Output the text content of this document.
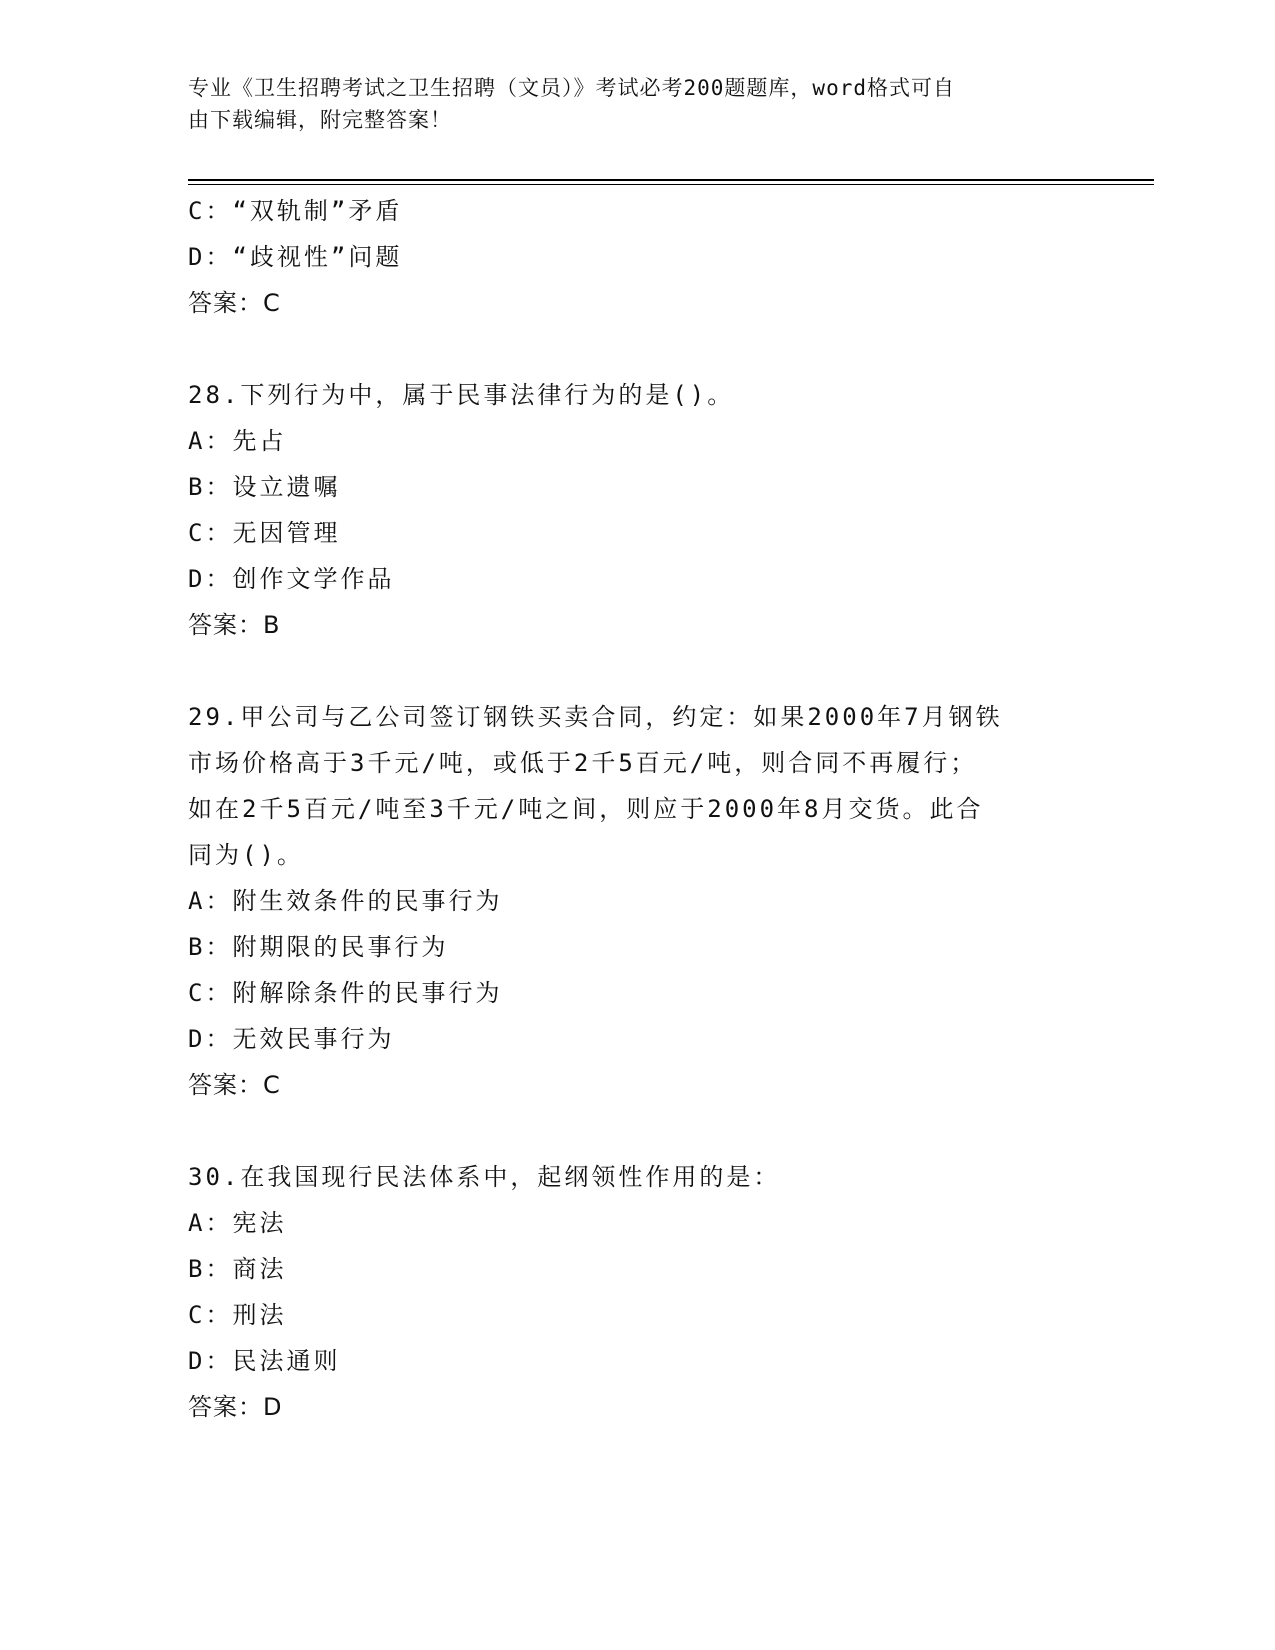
专业《卫生招聘考试之卫生招聘（文员）》考试必考200题题库，word格式可自
由下载编辑，附完整答案！
C：“双轨制”矛盾
D：“歧视性”问题
答案：C
28.下列行为中，属于民事法律行为的是()。
A：先占
B：设立遗嘱
C：无因管理
D：创作文学作品
答案：B
29.甲公司与乙公司签订钢铁买卖合同，约定：如果2000年7月钢铁
市场价格高于3千元/吨，或低于2千5百元/吨，则合同不再履行；
如在2千5百元/吨至3千元/吨之间，则应于2000年8月交货。此合
同为()。
A：附生效条件的民事行为
B：附期限的民事行为
C：附解除条件的民事行为
D：无效民事行为
答案：C
30.在我国现行民法体系中，起纲领性作用的是：
A：宪法
B：商法
C：刑法
D：民法通则
答案：D
